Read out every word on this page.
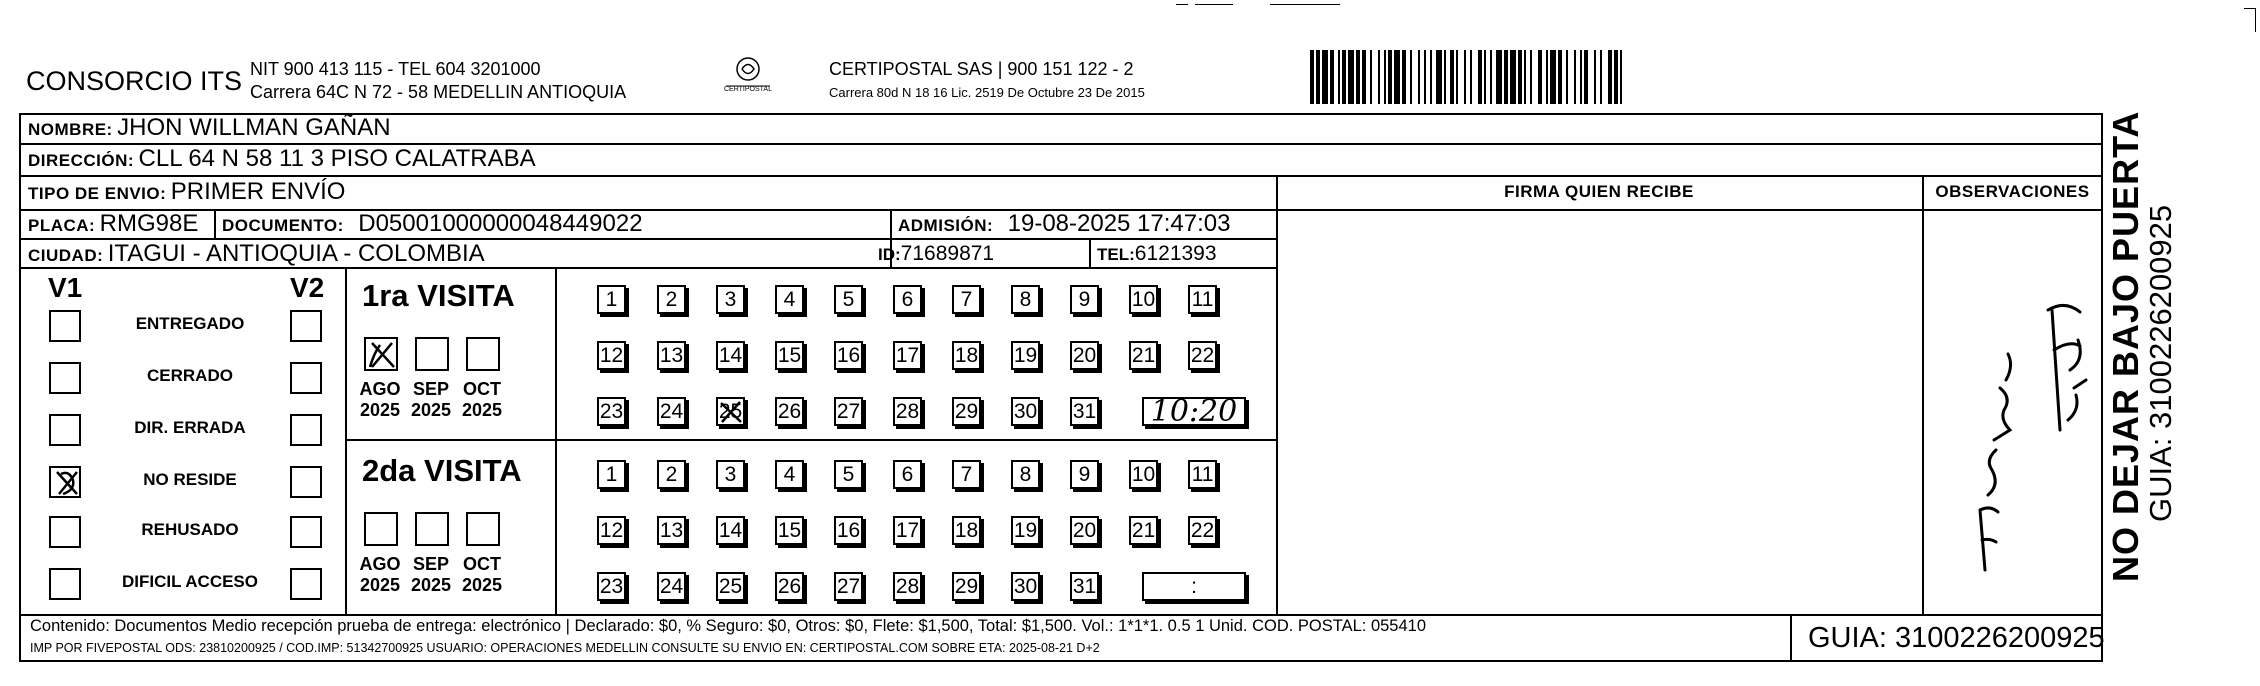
CONSORCIO ITS NIT 900 413 115 - TEL 604 3201000
Carrera 64C N 72 - 58 MEDELLIN ANTIOQUIA	CERTIPOSTAL
CERTIPOSTAL SAS | 900 151 122 - 2
Carrera 80d N 18 16 Lic. 2519 De Octubre 23 De 2015
NOMBRE: JHON WILLMAN GAÑAN
DIRECCIÓN: CLL 64 N 58 11 3 PISO CALATRABA
TIPO DE ENVIO: PRIMER ENVÍO	FIRMA QUIEN RECIBE	OBSERVACIONES
PLACA: RMG98E DOCUMENTO: D05001000000048449022	ADMISIÓN: 19-08-2025 17:47:03
CIUDAD: ITAGUI - ANTIOQUIA - COLOMBIA	ID:71689871	TEL:6121393
V1	V2
ENTREGADO
CERRADO
DIR. ERRADA
NO RESIDE
REHUSADO
DIFICIL ACCESO
1ra VISITA
AGO
2025
SEP
2025
OCT
2025
1	2	3	4	5	6	7	8	9	10 11
12 13 14 15 16 17 18 19 20 21 22
23 24 25 26 27 28 29 30 31 10:20
2da VISITA
AGO
2025
SEP
2025
OCT
2025
1	2	3	4	5	6	7	8	9	10 11
12 13 14 15 16 17 18 19 20 21 22
23 24 25 26 27 28 29 30 31	:
NO DEJAR BAJO PUERTA
GUIA: 3100226200925
Contenido: Documentos Medio recepción prueba de entrega: electrónico | Declarado: $0, % Seguro: $0, Otros: $0, Flete: $1,500, Total: $1,500. Vol.: 1*1*1. 0.5 1 Unid. COD. POSTAL: 055410
IMP POR FIVEPOSTAL ODS: 23810200925 / COD.IMP: 51342700925 USUARIO: OPERACIONES MEDELLIN CONSULTE SU ENVIO EN: CERTIPOSTAL.COM SOBRE ETA: 2025-08-21 D+2	GUIA: 3100226200925
